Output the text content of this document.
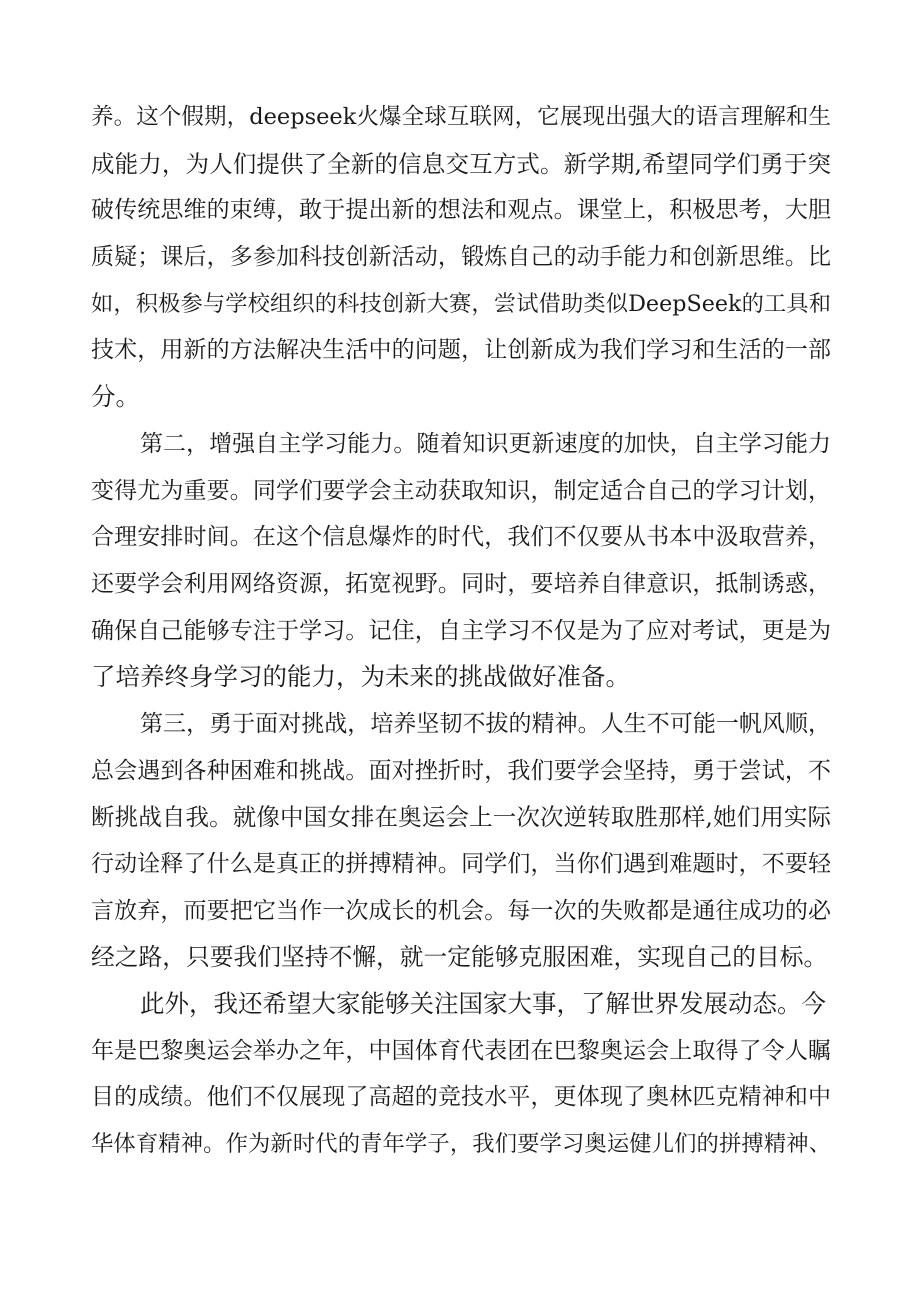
养。这个假期，deepseek火爆全球互联网，它展现出强大的语言理解和生
成能力，为人们提供了全新的信息交互方式。新学期,希望同学们勇于突
破传统思维的束缚，敢于提出新的想法和观点。课堂上，积极思考，大胆
质疑；课后，多参加科技创新活动，锻炼自己的动手能力和创新思维。比
如，积极参与学校组织的科技创新大赛，尝试借助类似DeepSeek的工具和
技术，用新的方法解决生活中的问题，让创新成为我们学习和生活的一部
分。
第二，增强自主学习能力。随着知识更新速度的加快，自主学习能力
变得尤为重要。同学们要学会主动获取知识，制定适合自己的学习计划，
合理安排时间。在这个信息爆炸的时代，我们不仅要从书本中汲取营养，
还要学会利用网络资源，拓宽视野。同时，要培养自律意识，抵制诱惑，
确保自己能够专注于学习。记住，自主学习不仅是为了应对考试，更是为
了培养终身学习的能力，为未来的挑战做好准备。
第三，勇于面对挑战，培养坚韧不拔的精神。人生不可能一帆风顺，
总会遇到各种困难和挑战。面对挫折时，我们要学会坚持，勇于尝试，不
断挑战自我。就像中国女排在奥运会上一次次逆转取胜那样,她们用实际
行动诠释了什么是真正的拼搏精神。同学们，当你们遇到难题时，不要轻
言放弃，而要把它当作一次成长的机会。每一次的失败都是通往成功的必
经之路，只要我们坚持不懈，就一定能够克服困难，实现自己的目标。
此外，我还希望大家能够关注国家大事，了解世界发展动态。今
年是巴黎奥运会举办之年，中国体育代表团在巴黎奥运会上取得了令人瞩
目的成绩。他们不仅展现了高超的竞技水平，更体现了奥林匹克精神和中
华体育精神。作为新时代的青年学子，我们要学习奥运健儿们的拼搏精神、
